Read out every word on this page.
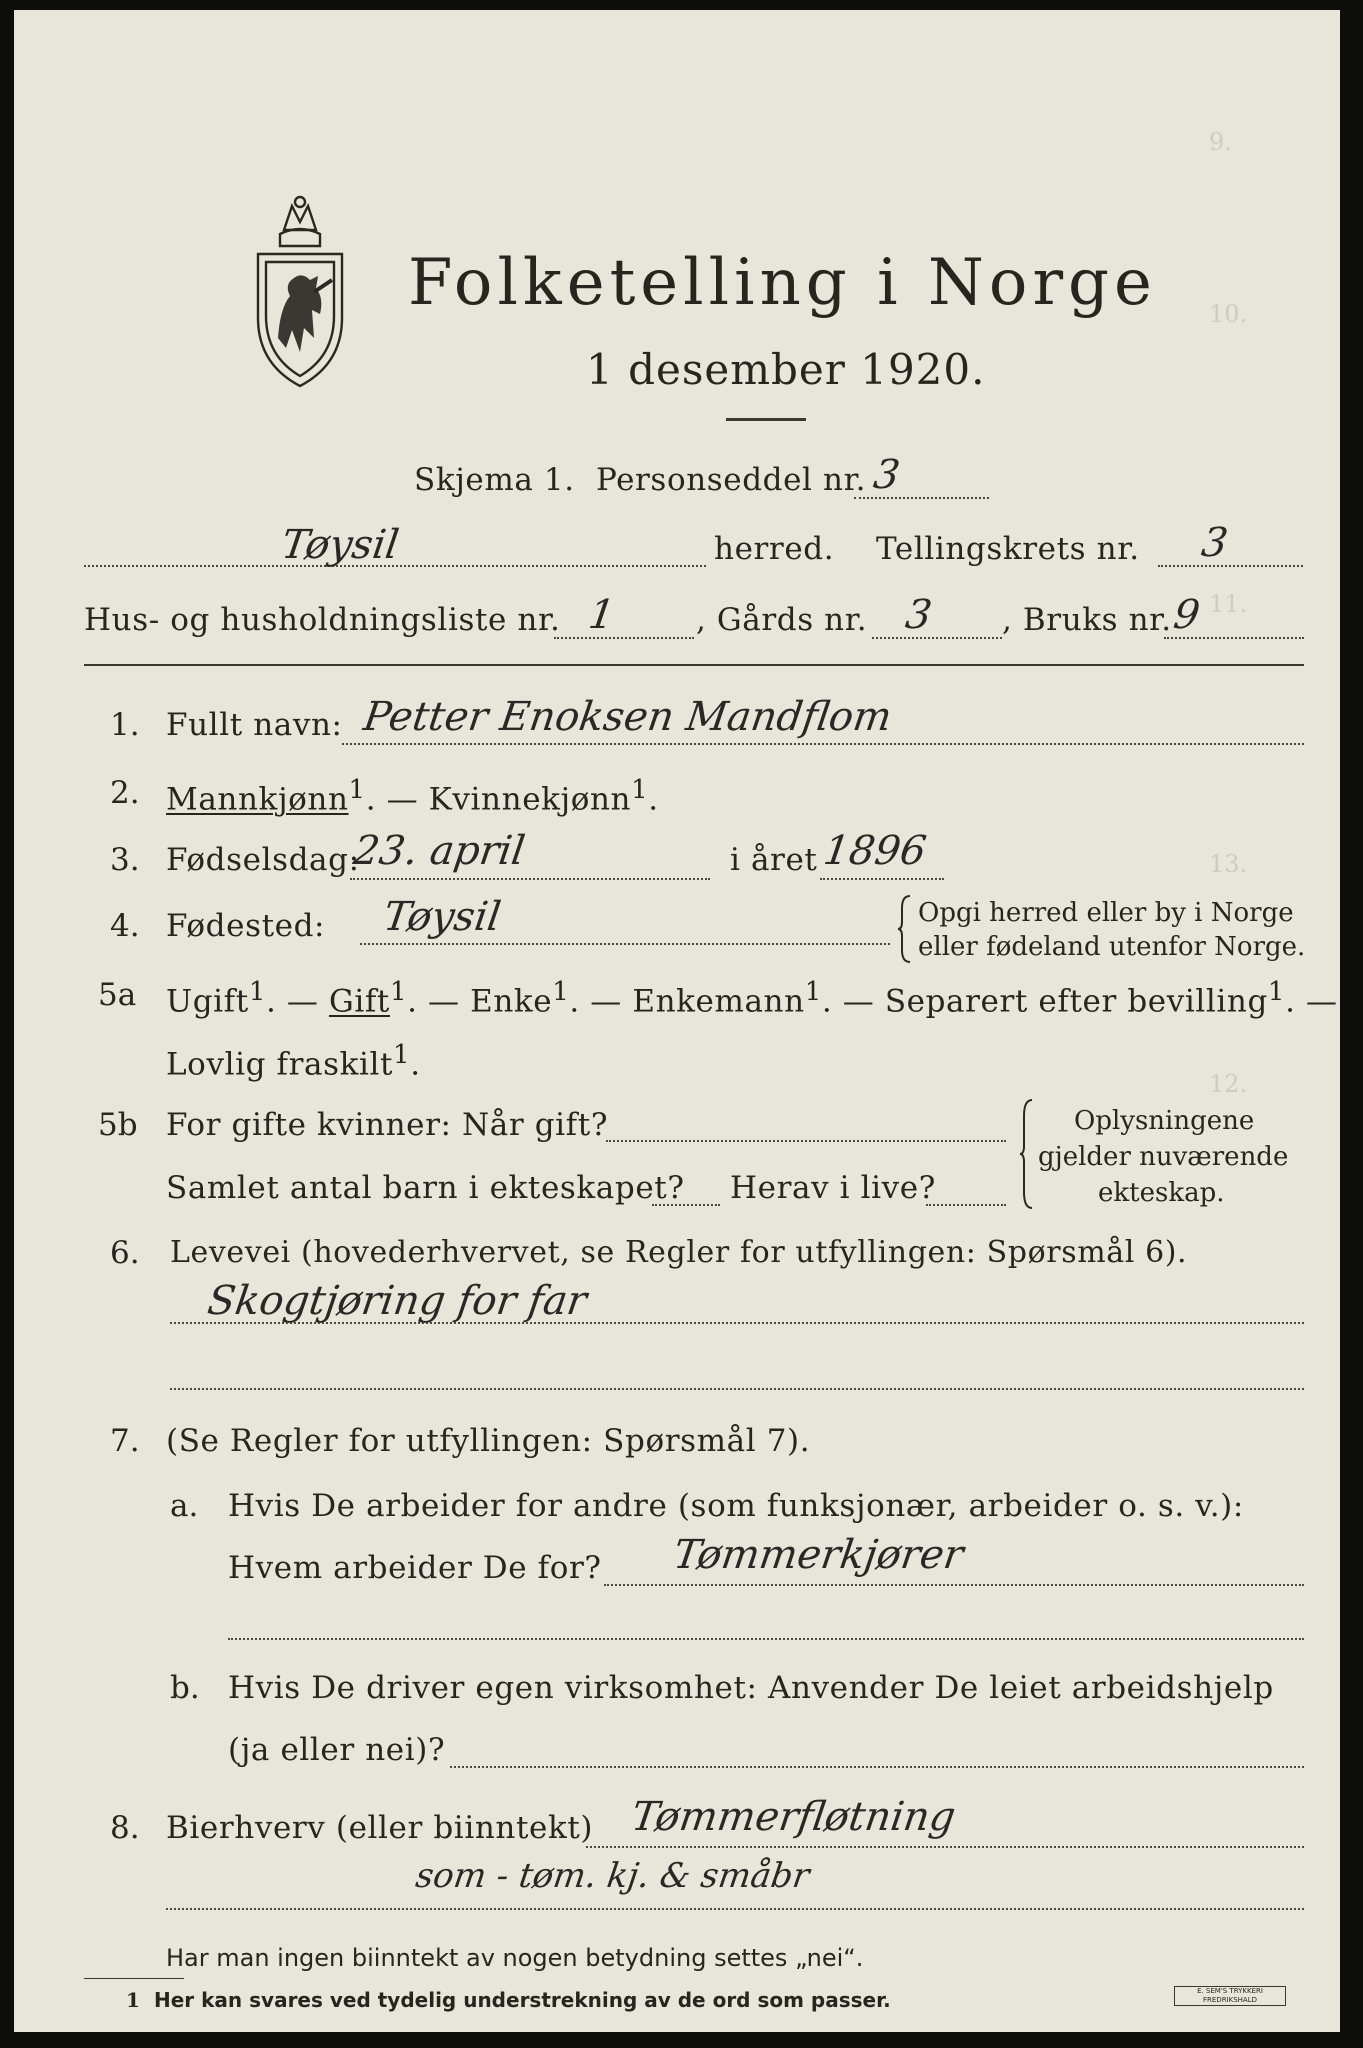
9.
10.
11.
13.
12.
Folketelling i Norge
1 desember 1920.
Skjema 1. Personseddel nr. 3
Tøysil	herred. Tellingskrets nr. 3
Hus- og husholdningsliste nr. 1	, Gårds nr. 3 , Bruks nr. 9
1. Fullt navn: Petter Enoksen Mandflom
2. Mannkjønn$^1$. — Kvinnekjønn$^1$.
3. Fødselsdag:
23. april	i året 1896
4. Fødested: Tøysil	Opgi herred eller by i Norge
eller fødeland utenfor Norge.
5a Ugift$^1$. — Gift$^1$. — Enke$^1$. — Enkemann$^1$. — Separert efter bevilling$^1$. —
Lovlig fraskilt$^1$.
5b For gifte kvinner: Når gift?
Samlet antal barn i ekteskapet? Herav i live?
Oplysningene
gjelder nuværende
ekteskap.
6. Levevei (hovederhvervet, se Regler for utfyllingen: Spørsmål 6).
Skogtjøring for far
7. (Se Regler for utfyllingen: Spørsmål 7).
a. Hvis De arbeider for andre (som funksjonær, arbeider o. s. v.):
Hvem arbeider De for? Tømmerkjører
b. Hvis De driver egen virksomhet: Anvender De leiet arbeidshjelp
(ja eller nei)?
8. Bierhverv (eller biinntekt) Tømmerfløtning
som - tøm. kj. & småbr
Har man ingen biinntekt av nogen betydning settes „nei“.
1 Her kan svares ved tydelig understrekning av de ord som passer.	E. SEM'S TRYKKERI FREDRIKSHALD
